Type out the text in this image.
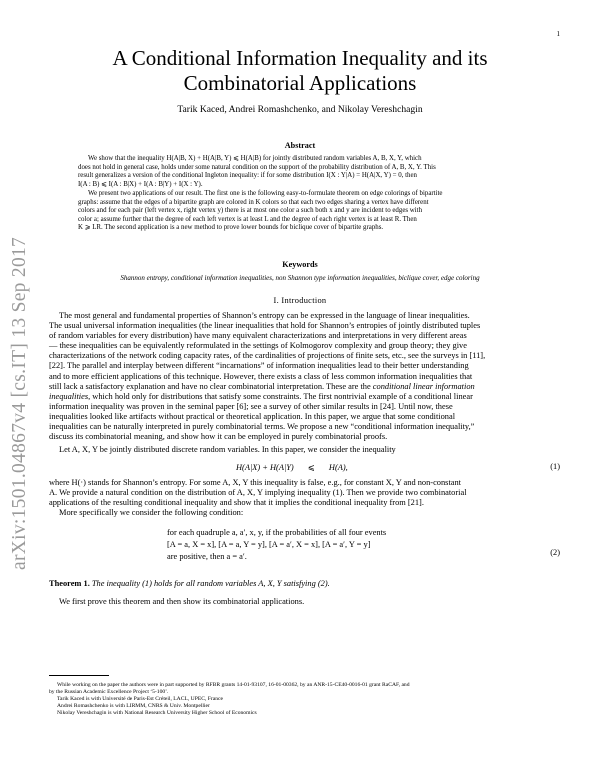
1
arXiv:1501.04867v4 [cs.IT] 13 Sep 2017
A Conditional Information Inequality and its
Combinatorial Applications
Tarik Kaced, Andrei Romashchenko, and Nikolay Vereshchagin
Abstract
We show that the inequality H(A|B, X) + H(A|B, Y) ⩽ H(A|B) for jointly distributed random variables A, B, X, Y, which
does not hold in general case, holds under some natural condition on the support of the probability distribution of A, B, X, Y. This
result generalizes a version of the conditional Ingleton inequality: if for some distribution I(X : Y|A) = H(A|X, Y) = 0, then
I(A : B) ⩽ I(A : B|X) + I(A : B|Y) + I(X : Y).
We present two applications of our result. The first one is the following easy-to-formulate theorem on edge colorings of bipartite
graphs: assume that the edges of a bipartite graph are colored in K colors so that each two edges sharing a vertex have different
colors and for each pair (left vertex x, right vertex y) there is at most one color a such both x and y are incident to edges with
color a; assume further that the degree of each left vertex is at least L and the degree of each right vertex is at least R. Then
K ⩾ LR. The second application is a new method to prove lower bounds for biclique cover of bipartite graphs.
Keywords
Shannon entropy, conditional information inequalities, non Shannon type information inequalities, biclique cover, edge coloring
I. Introduction
The most general and fundamental properties of Shannon’s entropy can be expressed in the language of linear inequalities.
The usual universal information inequalities (the linear inequalities that hold for Shannon’s entropies of jointly distributed tuples
of random variables for every distribution) have many equivalent characterizations and interpretations in very different areas
— these inequalities can be equivalently reformulated in the settings of Kolmogorov complexity and group theory; they give
characterizations of the network coding capacity rates, of the cardinalities of projections of finite sets, etc., see the surveys in [11],
[22]. The parallel and interplay between different “incarnations” of information inequalities lead to their better understanding
and to more efficient applications of this technique. However, there exists a class of less common information inequalities that
still lack a satisfactory explanation and have no clear combinatorial interpretation. These are the conditional linear information
inequalities, which hold only for distributions that satisfy some constraints. The first nontrivial example of a conditional linear
information inequality was proven in the seminal paper [6]; see a survey of other similar results in [24]. Until now, these
inequalities looked like artifacts without practical or theoretical application. In this paper, we argue that some conditional
inequalities can be naturally interpreted in purely combinatorial terms. We propose a new “conditional information inequality,”
discuss its combinatorial meaning, and show how it can be employed in purely combinatorial proofs.
Let A, X, Y be jointly distributed discrete random variables. In this paper, we consider the inequality
H(A|X) + H(A|Y) ⩽ H(A),	(1)
where H(·) stands for Shannon’s entropy. For some A, X, Y this inequality is false, e.g., for constant X, Y and non-constant
A. We provide a natural condition on the distribution of A, X, Y implying inequality (1). Then we provide two combinatorial
applications of the resulting conditional inequality and show that it implies the conditional inequality from [21].
More specifically we consider the following condition:
for each quadruple a, a′, x, y, if the probabilities of all four events
[A = a, X = x], [A = a, Y = y], [A = a′, X = x], [A = a′, Y = y]
are positive, then a = a′.	(2)
Theorem 1. The inequality (1) holds for all random variables A, X, Y satisfying (2).
We first prove this theorem and then show its combinatorial applications.
While working on the paper the authors were in part supported by RFBR grants 14-01-93107, 16-01-00362, by an ANR-15-CE40-0016-01 grant RaCAF, and
by the Russian Academic Excellence Project ‘5-100’.
Tarik Kaced is with Université de Paris-Est Créteil, LACL, UPEC, France
Andrei Romashchenko is with LIRMM, CNRS & Univ. Montpellier
Nikolay Vereshchagin is with National Research University Higher School of Economics
